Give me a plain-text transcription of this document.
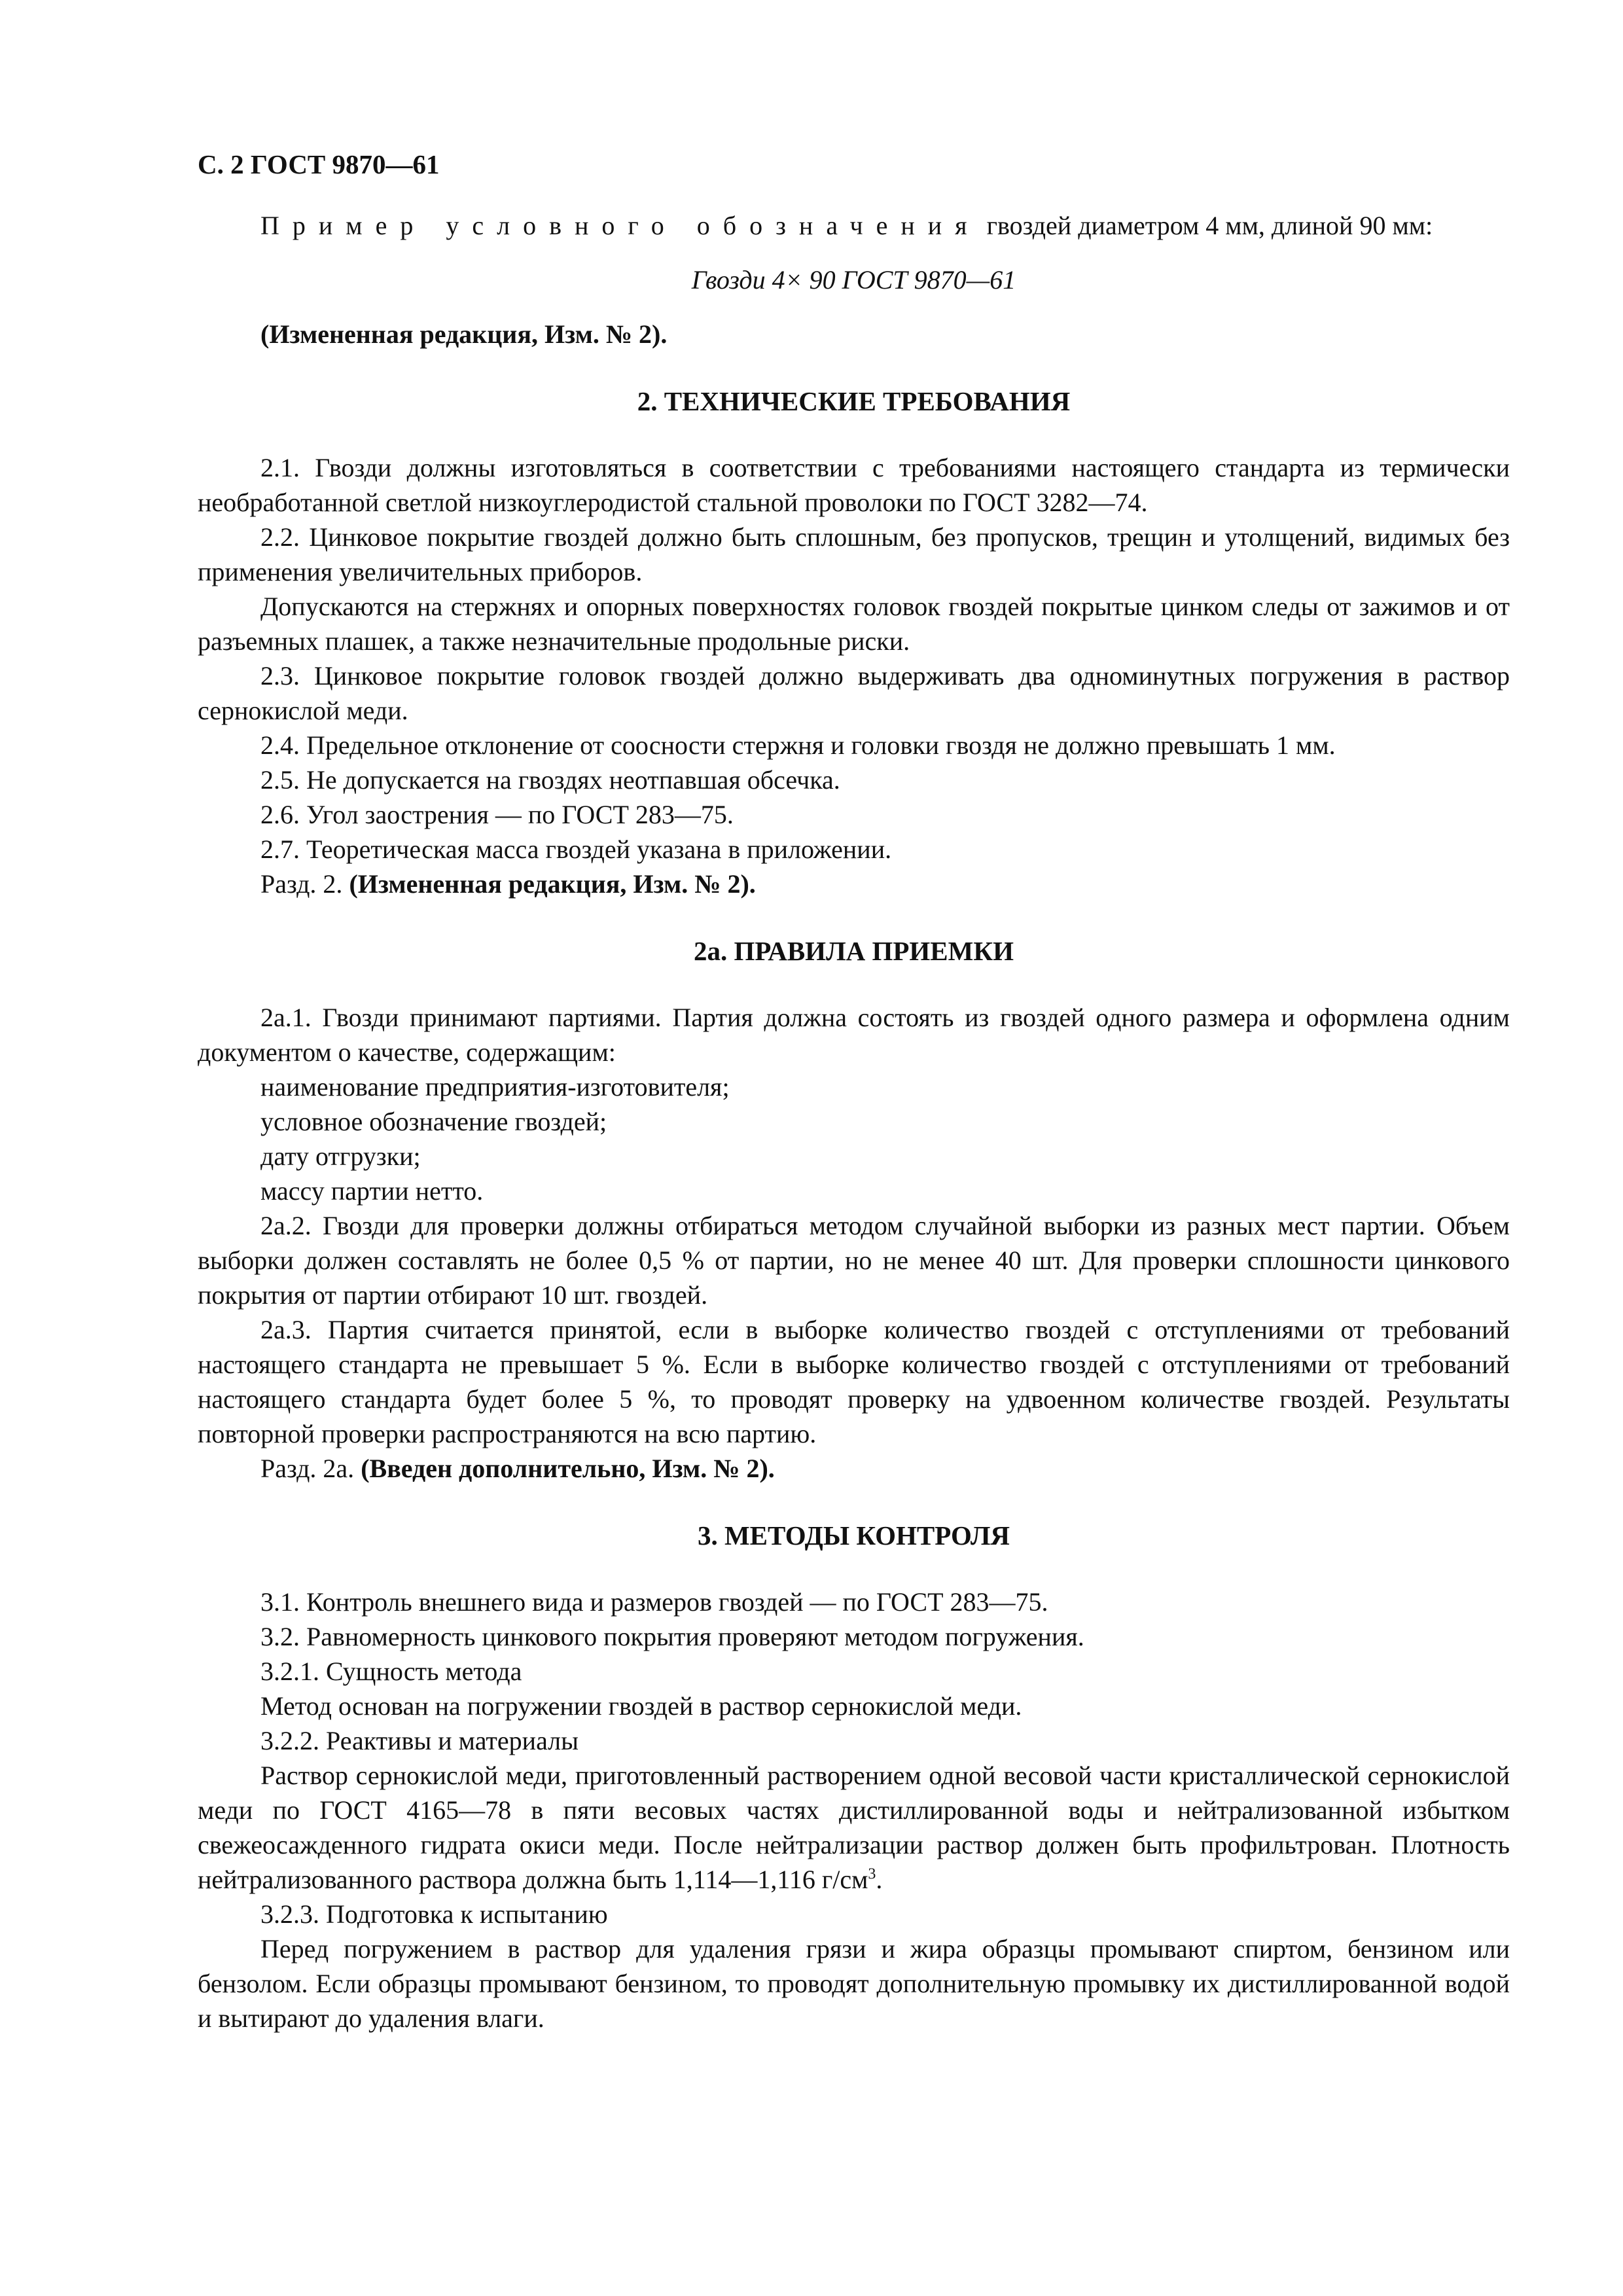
С. 2 ГОСТ 9870—61

Пример условного обозначения гвоздей диаметром 4 мм, длиной 90 мм:

Гвозди 4× 90 ГОСТ 9870—61

(Измененная редакция, Изм. № 2).

2. ТЕХНИЧЕСКИЕ ТРЕБОВАНИЯ

2.1. Гвозди должны изготовляться в соответствии с требованиями настоящего стандарта из термически необработанной светлой низкоуглеродистой стальной проволоки по ГОСТ 3282—74.

2.2. Цинковое покрытие гвоздей должно быть сплошным, без пропусков, трещин и утолщений, видимых без применения увеличительных приборов.

Допускаются на стержнях и опорных поверхностях головок гвоздей покрытые цинком следы от зажимов и от разъемных плашек, а также незначительные продольные риски.

2.3. Цинковое покрытие головок гвоздей должно выдерживать два одноминутных погружения в раствор сернокислой меди.

2.4. Предельное отклонение от соосности стержня и головки гвоздя не должно превышать 1 мм.

2.5. Не допускается на гвоздях неотпавшая обсечка.

2.6. Угол заострения — по ГОСТ 283—75.

2.7. Теоретическая масса гвоздей указана в приложении.

Разд. 2. (Измененная редакция, Изм. № 2).

2а. ПРАВИЛА ПРИЕМКИ

2а.1. Гвозди принимают партиями. Партия должна состоять из гвоздей одного размера и оформлена одним документом о качестве, содержащим:

наименование предприятия-изготовителя;

условное обозначение гвоздей;

дату отгрузки;

массу партии нетто.

2а.2. Гвозди для проверки должны отбираться методом случайной выборки из разных мест партии. Объем выборки должен составлять не более 0,5 % от партии, но не менее 40 шт. Для проверки сплошности цинкового покрытия от партии отбирают 10 шт. гвоздей.

2а.3. Партия считается принятой, если в выборке количество гвоздей с отступлениями от требований настоящего стандарта не превышает 5 %. Если в выборке количество гвоздей с отступлениями от требований настоящего стандарта будет более 5 %, то проводят проверку на удвоенном количестве гвоздей. Результаты повторной проверки распространяются на всю партию.

Разд. 2а. (Введен дополнительно, Изм. № 2).

3. МЕТОДЫ КОНТРОЛЯ

3.1. Контроль внешнего вида и размеров гвоздей — по ГОСТ 283—75.

3.2. Равномерность цинкового покрытия проверяют методом погружения.

3.2.1. Сущность метода

Метод основан на погружении гвоздей в раствор сернокислой меди.

3.2.2. Реактивы и материалы

Раствор сернокислой меди, приготовленный растворением одной весовой части кристаллической сернокислой меди по ГОСТ 4165—78 в пяти весовых частях дистиллированной воды и нейтрализованной избытком свежеосажденного гидрата окиси меди. После нейтрализации раствор должен быть профильтрован. Плотность нейтрализованного раствора должна быть 1,114—1,116 $г/см^3$.

3.2.3. Подготовка к испытанию

Перед погружением в раствор для удаления грязи и жира образцы промывают спиртом, бензином или бензолом. Если образцы промывают бензином, то проводят дополнительную промывку их дистиллированной водой и вытирают до удаления влаги.
